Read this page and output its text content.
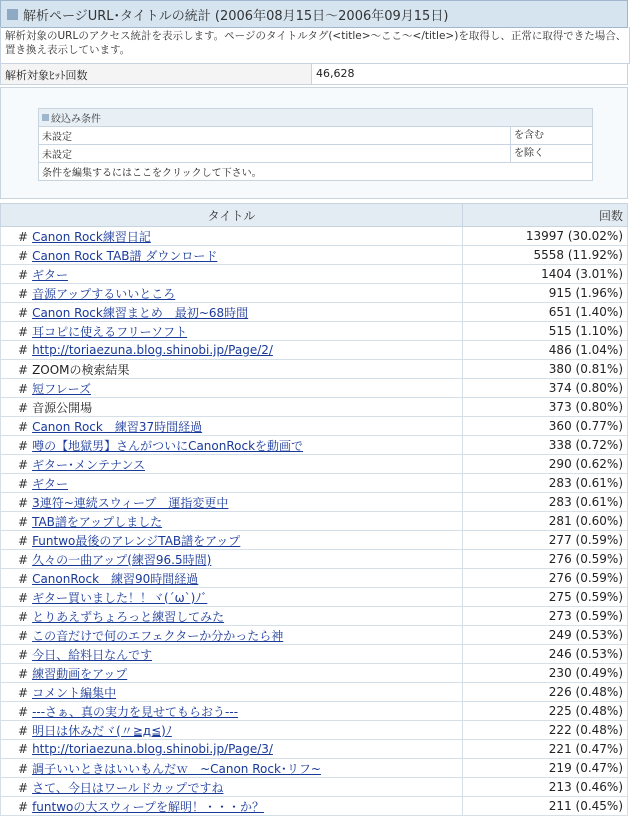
解析ページURL･タイトルの統計 (2006年08月15日～2006年09月15日)
解析対象のURLのアクセス統計を表示します。ページのタイトルタグ(<title>～ここ～</title>)を取得し、正常に取得できた場合、置き換え表示しています。
解析対象ﾋｯﾄ回数	46,628
絞込み条件
未設定	を含む
未設定	を除く
条件を編集するにはここをクリックして下さい。
タイトル	回数
# Canon Rock練習日記	13997 (30.02%)
# Canon Rock TAB譜 ダウンロード	5558 (11.92%)
# ギター	1404 (3.01%)
# 音源アップするいいところ	915 (1.96%)
# Canon Rock練習まとめ　最初~68時間	651 (1.40%)
# 耳コピに使えるフリーソフト	515 (1.10%)
# http://toriaezuna.blog.shinobi.jp/Page/2/	486 (1.04%)
# ZOOMの検索結果	380 (0.81%)
# 短フレーズ	374 (0.80%)
# 音源公開場	373 (0.80%)
# Canon Rock　練習37時間経過	360 (0.77%)
# 噂の【地獄男】さんがついにCanonRockを動画で	338 (0.72%)
# ギター･メンテナンス	290 (0.62%)
# ギター	283 (0.61%)
# 3連符~連続スウィープ　運指変更中	283 (0.61%)
# TAB譜をアップしました	281 (0.60%)
# Funtwo最後のアレンジTAB譜をアップ	277 (0.59%)
# 久々の一曲アップ(練習96.5時間)	276 (0.59%)
# CanonRock　練習90時間経過	276 (0.59%)
# ギター買いました！！ヾ(´ω`)ﾉﾞ	275 (0.59%)
# とりあえずちょろっと練習してみた	273 (0.59%)
# この音だけで何のエフェクターか分かったら神	249 (0.53%)
# 今日、給料日なんです	246 (0.53%)
# 練習動画をアップ	230 (0.49%)
# コメント編集中	226 (0.48%)
# ---さぁ、真の実力を見せてもらおう---	225 (0.48%)
# 明日は休みだヾ(〃≧д≦)ﾉ	222 (0.48%)
# http://toriaezuna.blog.shinobi.jp/Page/3/	221 (0.47%)
# 調子いいときはいいもんだｗ　~Canon Rock･リフ~	219 (0.47%)
# さて、今日はワールドカップですね	213 (0.46%)
# funtwoの大スウィープを解明！・・・か？	211 (0.45%)
